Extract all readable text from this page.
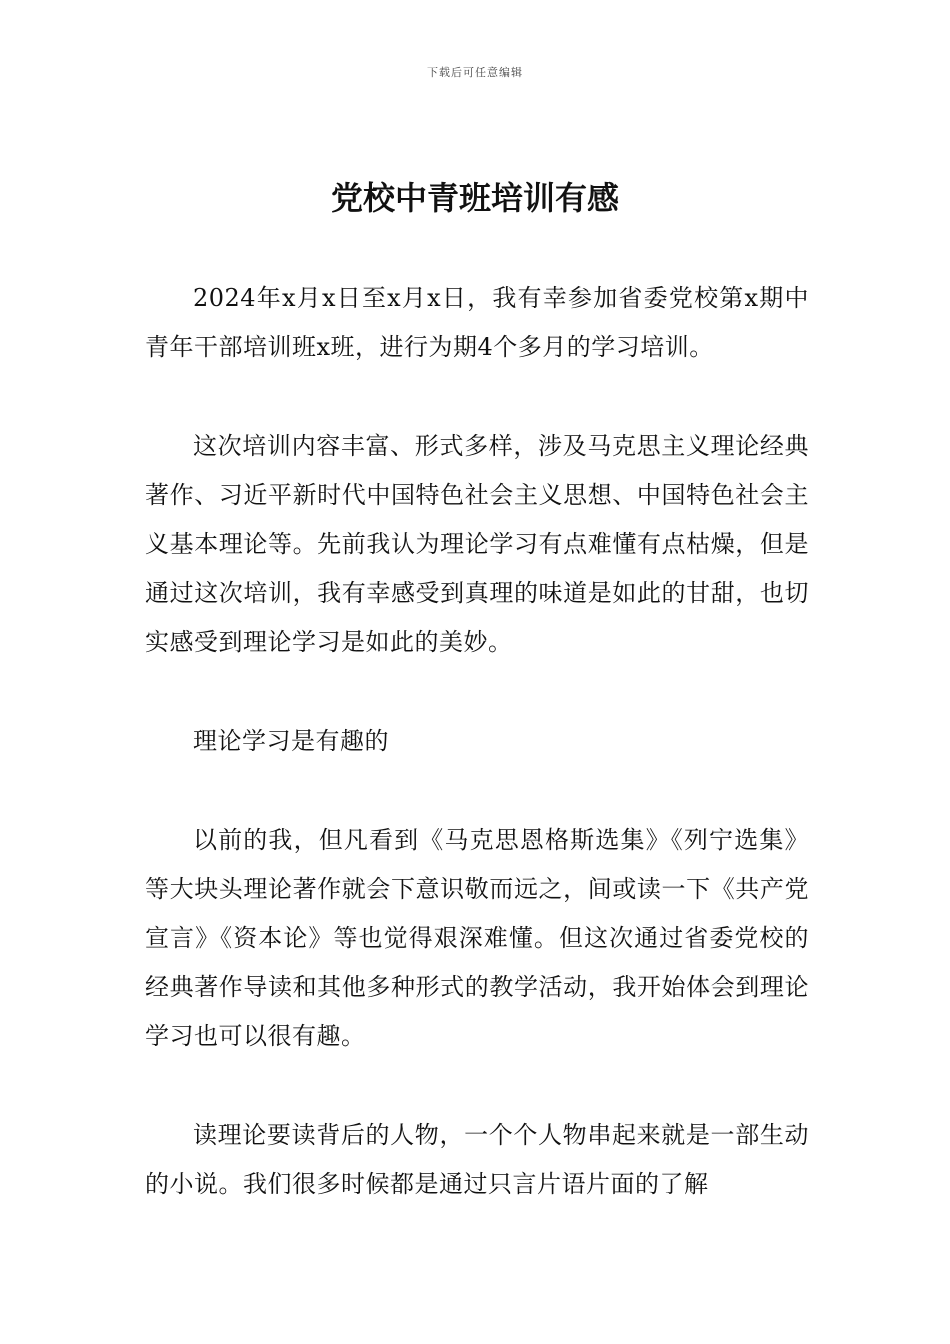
下载后可任意编辑
党校中青班培训有感

2024年x月x日至x月x日，我有幸参加省委党校第x期中青年干部培训班x班，进行为期4个多月的学习培训。

这次培训内容丰富、形式多样，涉及马克思主义理论经典著作、习近平新时代中国特色社会主义思想、中国特色社会主义基本理论等。先前我认为理论学习有点难懂有点枯燥，但是通过这次培训，我有幸感受到真理的味道是如此的甘甜，也切实感受到理论学习是如此的美妙。

理论学习是有趣的

以前的我，但凡看到《马克思恩格斯选集》《列宁选集》等大块头理论著作就会下意识敬而远之，间或读一下《共产党宣言》《资本论》等也觉得艰深难懂。但这次通过省委党校的经典著作导读和其他多种形式的教学活动，我开始体会到理论学习也可以很有趣。

读理论要读背后的人物，一个个人物串起来就是一部生动的小说。我们很多时候都是通过只言片语片面的了解
